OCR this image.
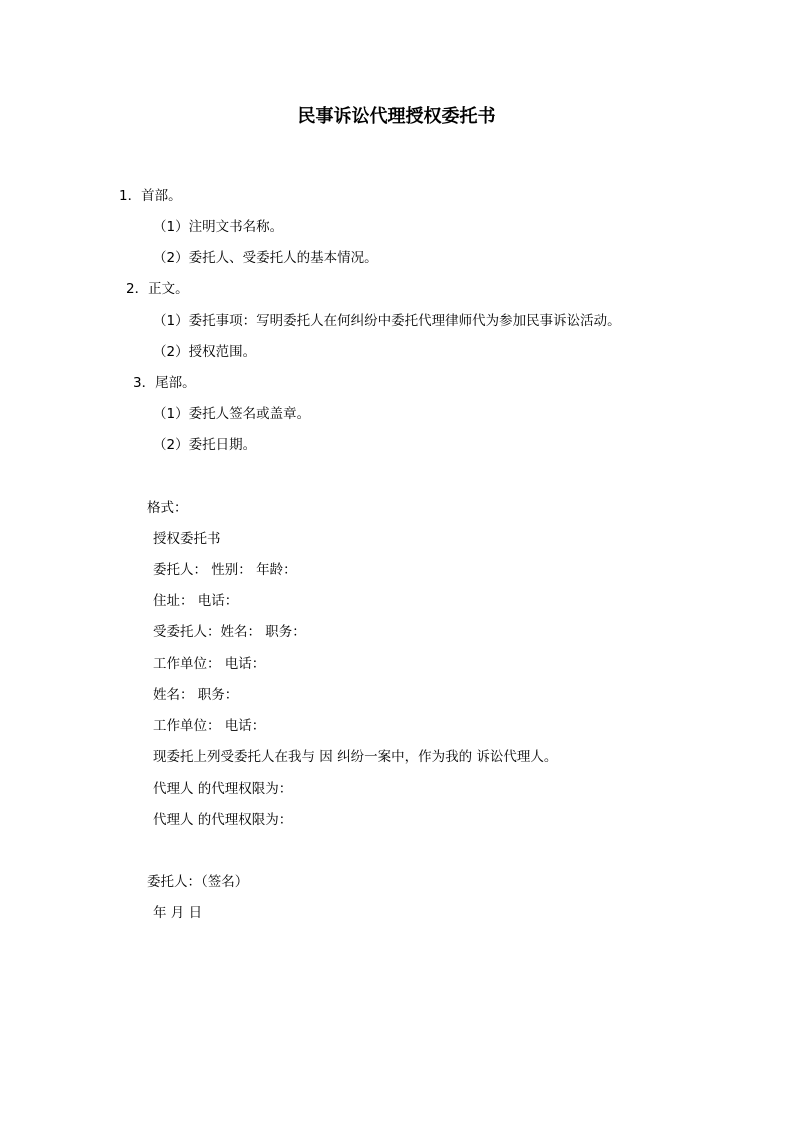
民事诉讼代理授权委托书
1．首部。
（1）注明文书名称。
（2）委托人、受委托人的基本情况。
2．正文。
（1）委托事项：写明委托人在何纠纷中委托代理律师代为参加民事诉讼活动。
（2）授权范围。
3．尾部。
（1）委托人签名或盖章。
（2）委托日期。
格式：
授权委托书
委托人： 性别： 年龄：
住址： 电话：
受委托人：姓名： 职务：
工作单位： 电话：
姓名： 职务：
工作单位： 电话：
现委托上列受委托人在我与 因 纠纷一案中，作为我的 诉讼代理人。
代理人 的代理权限为：
代理人 的代理权限为：
委托人：（签名）
年 月 日
